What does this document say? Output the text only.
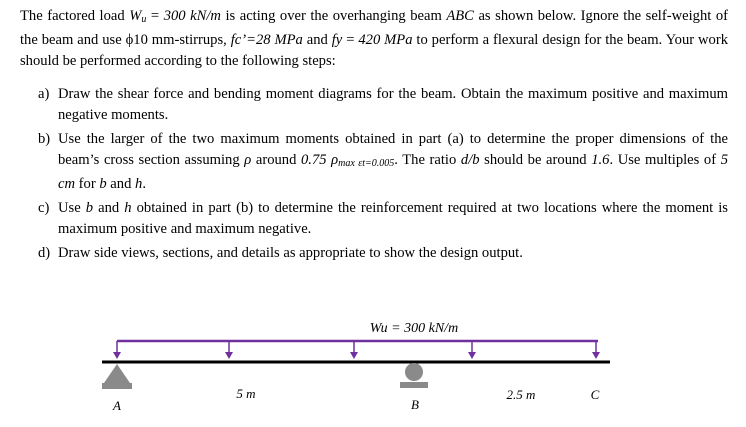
The factored load $W_u = 300$ kN/m is acting over the overhanging beam ABC as shown below. Ignore the self-weight of the beam and use ϕ10 mm-stirrups, fc’=28 MPa and fy = 420 MPa to perform a flexural design for the beam. Your work should be performed according to the following steps:
a) Draw the shear force and bending moment diagrams for the beam. Obtain the maximum positive and maximum negative moments.
b) Use the larger of the two maximum moments obtained in part (a) to determine the proper dimensions of the beam’s cross section assuming ρ around 0.75 $\rho_{max \varepsilon t=0.005}$. The ratio d/b should be around 1.6. Use multiples of 5 cm for b and h.
c) Use b and h obtained in part (b) to determine the reinforcement required at two locations where the moment is maximum positive and maximum negative.
d) Draw side views, sections, and details as appropriate to show the design output.
Wu = 300 kN/m
A
5 m
B
2.5 m	C
